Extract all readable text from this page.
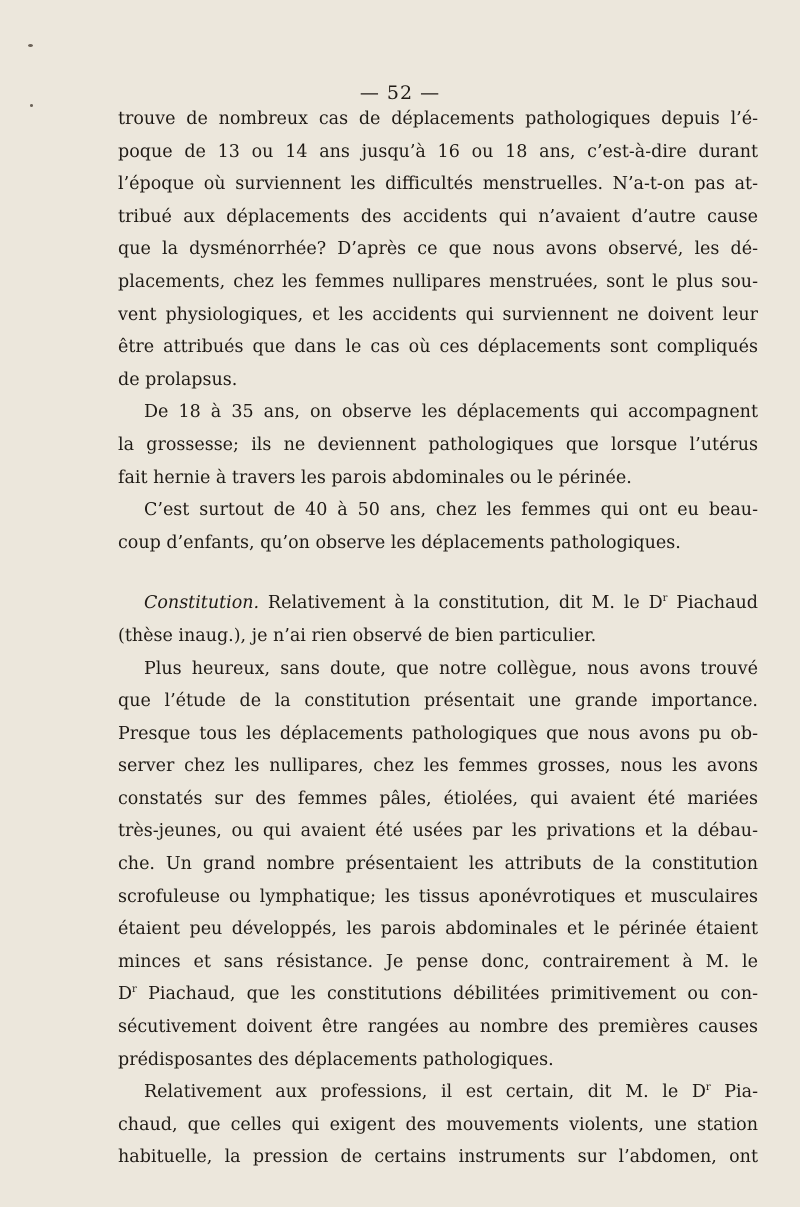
— 52 —
trouve de nombreux cas de déplacements pathologiques depuis l’é-
poque de 13 ou 14 ans jusqu’à 16 ou 18 ans, c’est-à-dire durant
l’époque où surviennent les difficultés menstruelles. N’a-t-on pas at-
tribué aux déplacements des accidents qui n’avaient d’autre cause
que la dysménorrhée? D’après ce que nous avons observé, les dé-
placements, chez les femmes nullipares menstruées, sont le plus sou-
vent physiologiques, et les accidents qui surviennent ne doivent leur
être attribués que dans le cas où ces déplacements sont compliqués
de prolapsus.
De 18 à 35 ans, on observe les déplacements qui accompagnent
la grossesse; ils ne deviennent pathologiques que lorsque l’utérus
fait hernie à travers les parois abdominales ou le périnée.
C’est surtout de 40 à 50 ans, chez les femmes qui ont eu beau-
coup d’enfants, qu’on observe les déplacements pathologiques.
Constitution. Relativement à la constitution, dit M. le $D^r$ Piachaud
(thèse inaug.), je n’ai rien observé de bien particulier.
Plus heureux, sans doute, que notre collègue, nous avons trouvé
que l’étude de la constitution présentait une grande importance.
Presque tous les déplacements pathologiques que nous avons pu ob-
server chez les nullipares, chez les femmes grosses, nous les avons
constatés sur des femmes pâles, étiolées, qui avaient été mariées
très-jeunes, ou qui avaient été usées par les privations et la débau-
che. Un grand nombre présentaient les attributs de la constitution
scrofuleuse ou lymphatique; les tissus aponévrotiques et musculaires
étaient peu développés, les parois abdominales et le périnée étaient
minces et sans résistance. Je pense donc, contrairement à M. le
$D^r$ Piachaud, que les constitutions débilitées primitivement ou con-
sécutivement doivent être rangées au nombre des premières causes
prédisposantes des déplacements pathologiques.
Relativement aux professions, il est certain, dit M. le $D^r$ Pia-
chaud, que celles qui exigent des mouvements violents, une station
habituelle, la pression de certains instruments sur l’abdomen, ont
